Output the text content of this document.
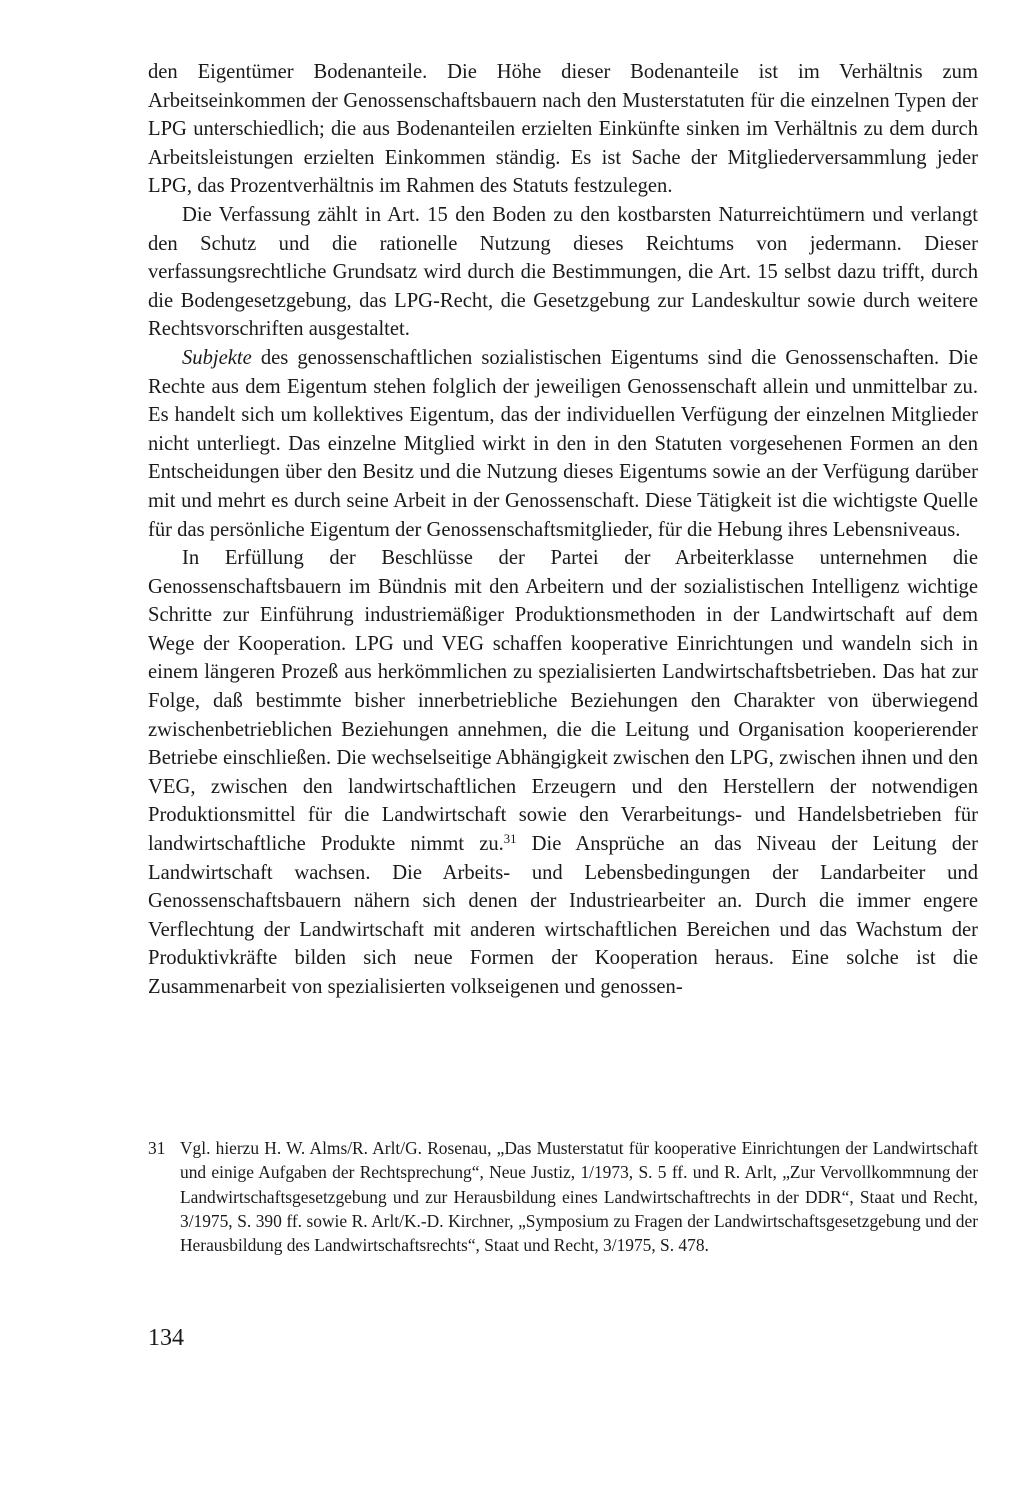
den Eigentümer Bodenanteile. Die Höhe dieser Bodenanteile ist im Verhältnis zum Arbeitseinkommen der Genossenschaftsbauern nach den Musterstatuten für die einzelnen Typen der LPG unterschiedlich; die aus Bodenanteilen erzielten Einkünfte sinken im Verhältnis zu dem durch Arbeitsleistungen erzielten Einkommen ständig. Es ist Sache der Mitgliederversammlung jeder LPG, das Prozentverhältnis im Rahmen des Statuts festzulegen.

Die Verfassung zählt in Art. 15 den Boden zu den kostbarsten Naturreichtümern und verlangt den Schutz und die rationelle Nutzung dieses Reichtums von jedermann. Dieser verfassungsrechtliche Grundsatz wird durch die Bestimmungen, die Art. 15 selbst dazu trifft, durch die Bodengesetzgebung, das LPG-Recht, die Gesetzgebung zur Landeskultur sowie durch weitere Rechtsvorschriften ausgestaltet.

Subjekte des genossenschaftlichen sozialistischen Eigentums sind die Genossenschaften. Die Rechte aus dem Eigentum stehen folglich der jeweiligen Genossenschaft allein und unmittelbar zu. Es handelt sich um kollektives Eigentum, das der individuellen Verfügung der einzelnen Mitglieder nicht unterliegt. Das einzelne Mitglied wirkt in den in den Statuten vorgesehenen Formen an den Entscheidungen über den Besitz und die Nutzung dieses Eigentums sowie an der Verfügung darüber mit und mehrt es durch seine Arbeit in der Genossenschaft. Diese Tätigkeit ist die wichtigste Quelle für das persönliche Eigentum der Genossenschaftsmitglieder, für die Hebung ihres Lebensniveaus.

In Erfüllung der Beschlüsse der Partei der Arbeiterklasse unternehmen die Genossenschaftsbauern im Bündnis mit den Arbeitern und der sozialistischen Intelligenz wichtige Schritte zur Einführung industriemäßiger Produktionsmethoden in der Landwirtschaft auf dem Wege der Kooperation. LPG und VEG schaffen kooperative Einrichtungen und wandeln sich in einem längeren Prozeß aus herkömmlichen zu spezialisierten Landwirtschaftsbetrieben. Das hat zur Folge, daß bestimmte bisher innerbetriebliche Beziehungen den Charakter von überwiegend zwischenbetrieblichen Beziehungen annehmen, die die Leitung und Organisation kooperierender Betriebe einschließen. Die wechselseitige Abhängigkeit zwischen den LPG, zwischen ihnen und den VEG, zwischen den landwirtschaftlichen Erzeugern und den Herstellern der notwendigen Produktionsmittel für die Landwirtschaft sowie den Verarbeitungs- und Handelsbetrieben für landwirtschaftliche Produkte nimmt zu.$^{31}$ Die Ansprüche an das Niveau der Leitung der Landwirtschaft wachsen. Die Arbeits- und Lebensbedingungen der Landarbeiter und Genossenschaftsbauern nähern sich denen der Industriearbeiter an. Durch die immer engere Verflechtung der Landwirtschaft mit anderen wirtschaftlichen Bereichen und das Wachstum der Produktivkräfte bilden sich neue Formen der Kooperation heraus. Eine solche ist die Zusammenarbeit von spezialisierten volkseigenen und genossen-

31 Vgl. hierzu H. W. Alms/R. Arlt/G. Rosenau, „Das Musterstatut für kooperative Einrichtungen der Landwirtschaft und einige Aufgaben der Rechtsprechung“, Neue Justiz, 1/1973, S. 5 ff. und R. Arlt, „Zur Vervollkommnung der Landwirtschaftsgesetzgebung und zur Herausbildung eines Landwirtschaftrechts in der DDR“, Staat und Recht, 3/1975, S. 390 ff. sowie R. Arlt/K.-D. Kirchner, „Symposium zu Fragen der Landwirtschaftsgesetzgebung und der Herausbildung des Landwirtschaftsrechts“, Staat und Recht, 3/1975, S. 478.
134
